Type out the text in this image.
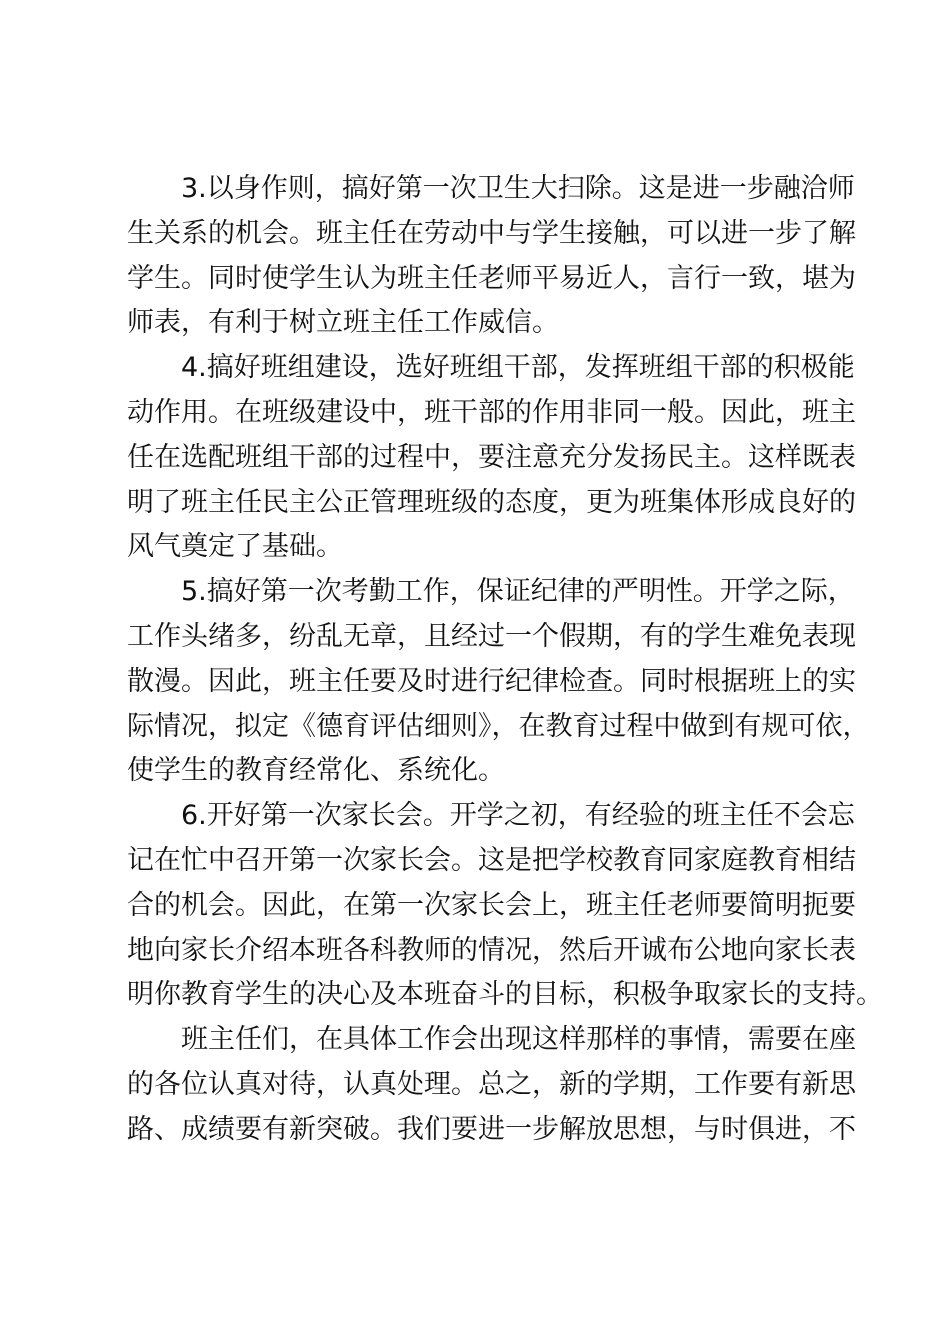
3.以身作则，搞好第一次卫生大扫除。这是进一步融洽师
生关系的机会。班主任在劳动中与学生接触，可以进一步了解
学生。同时使学生认为班主任老师平易近人，言行一致，堪为
师表，有利于树立班主任工作威信。
4.搞好班组建设，选好班组干部，发挥班组干部的积极能
动作用。在班级建设中，班干部的作用非同一般。因此，班主
任在选配班组干部的过程中，要注意充分发扬民主。这样既表
明了班主任民主公正管理班级的态度，更为班集体形成良好的
风气奠定了基础。
5.搞好第一次考勤工作，保证纪律的严明性。开学之际，
工作头绪多，纷乱无章，且经过一个假期，有的学生难免表现
散漫。因此，班主任要及时进行纪律检查。同时根据班上的实
际情况，拟定《德育评估细则》，在教育过程中做到有规可依，
使学生的教育经常化、系统化。
6.开好第一次家长会。开学之初，有经验的班主任不会忘
记在忙中召开第一次家长会。这是把学校教育同家庭教育相结
合的机会。因此，在第一次家长会上，班主任老师要简明扼要
地向家长介绍本班各科教师的情况，然后开诚布公地向家长表
明你教育学生的决心及本班奋斗的目标，积极争取家长的支持。
班主任们，在具体工作会出现这样那样的事情，需要在座
的各位认真对待，认真处理。总之，新的学期，工作要有新思
路、成绩要有新突破。我们要进一步解放思想，与时俱进，不
